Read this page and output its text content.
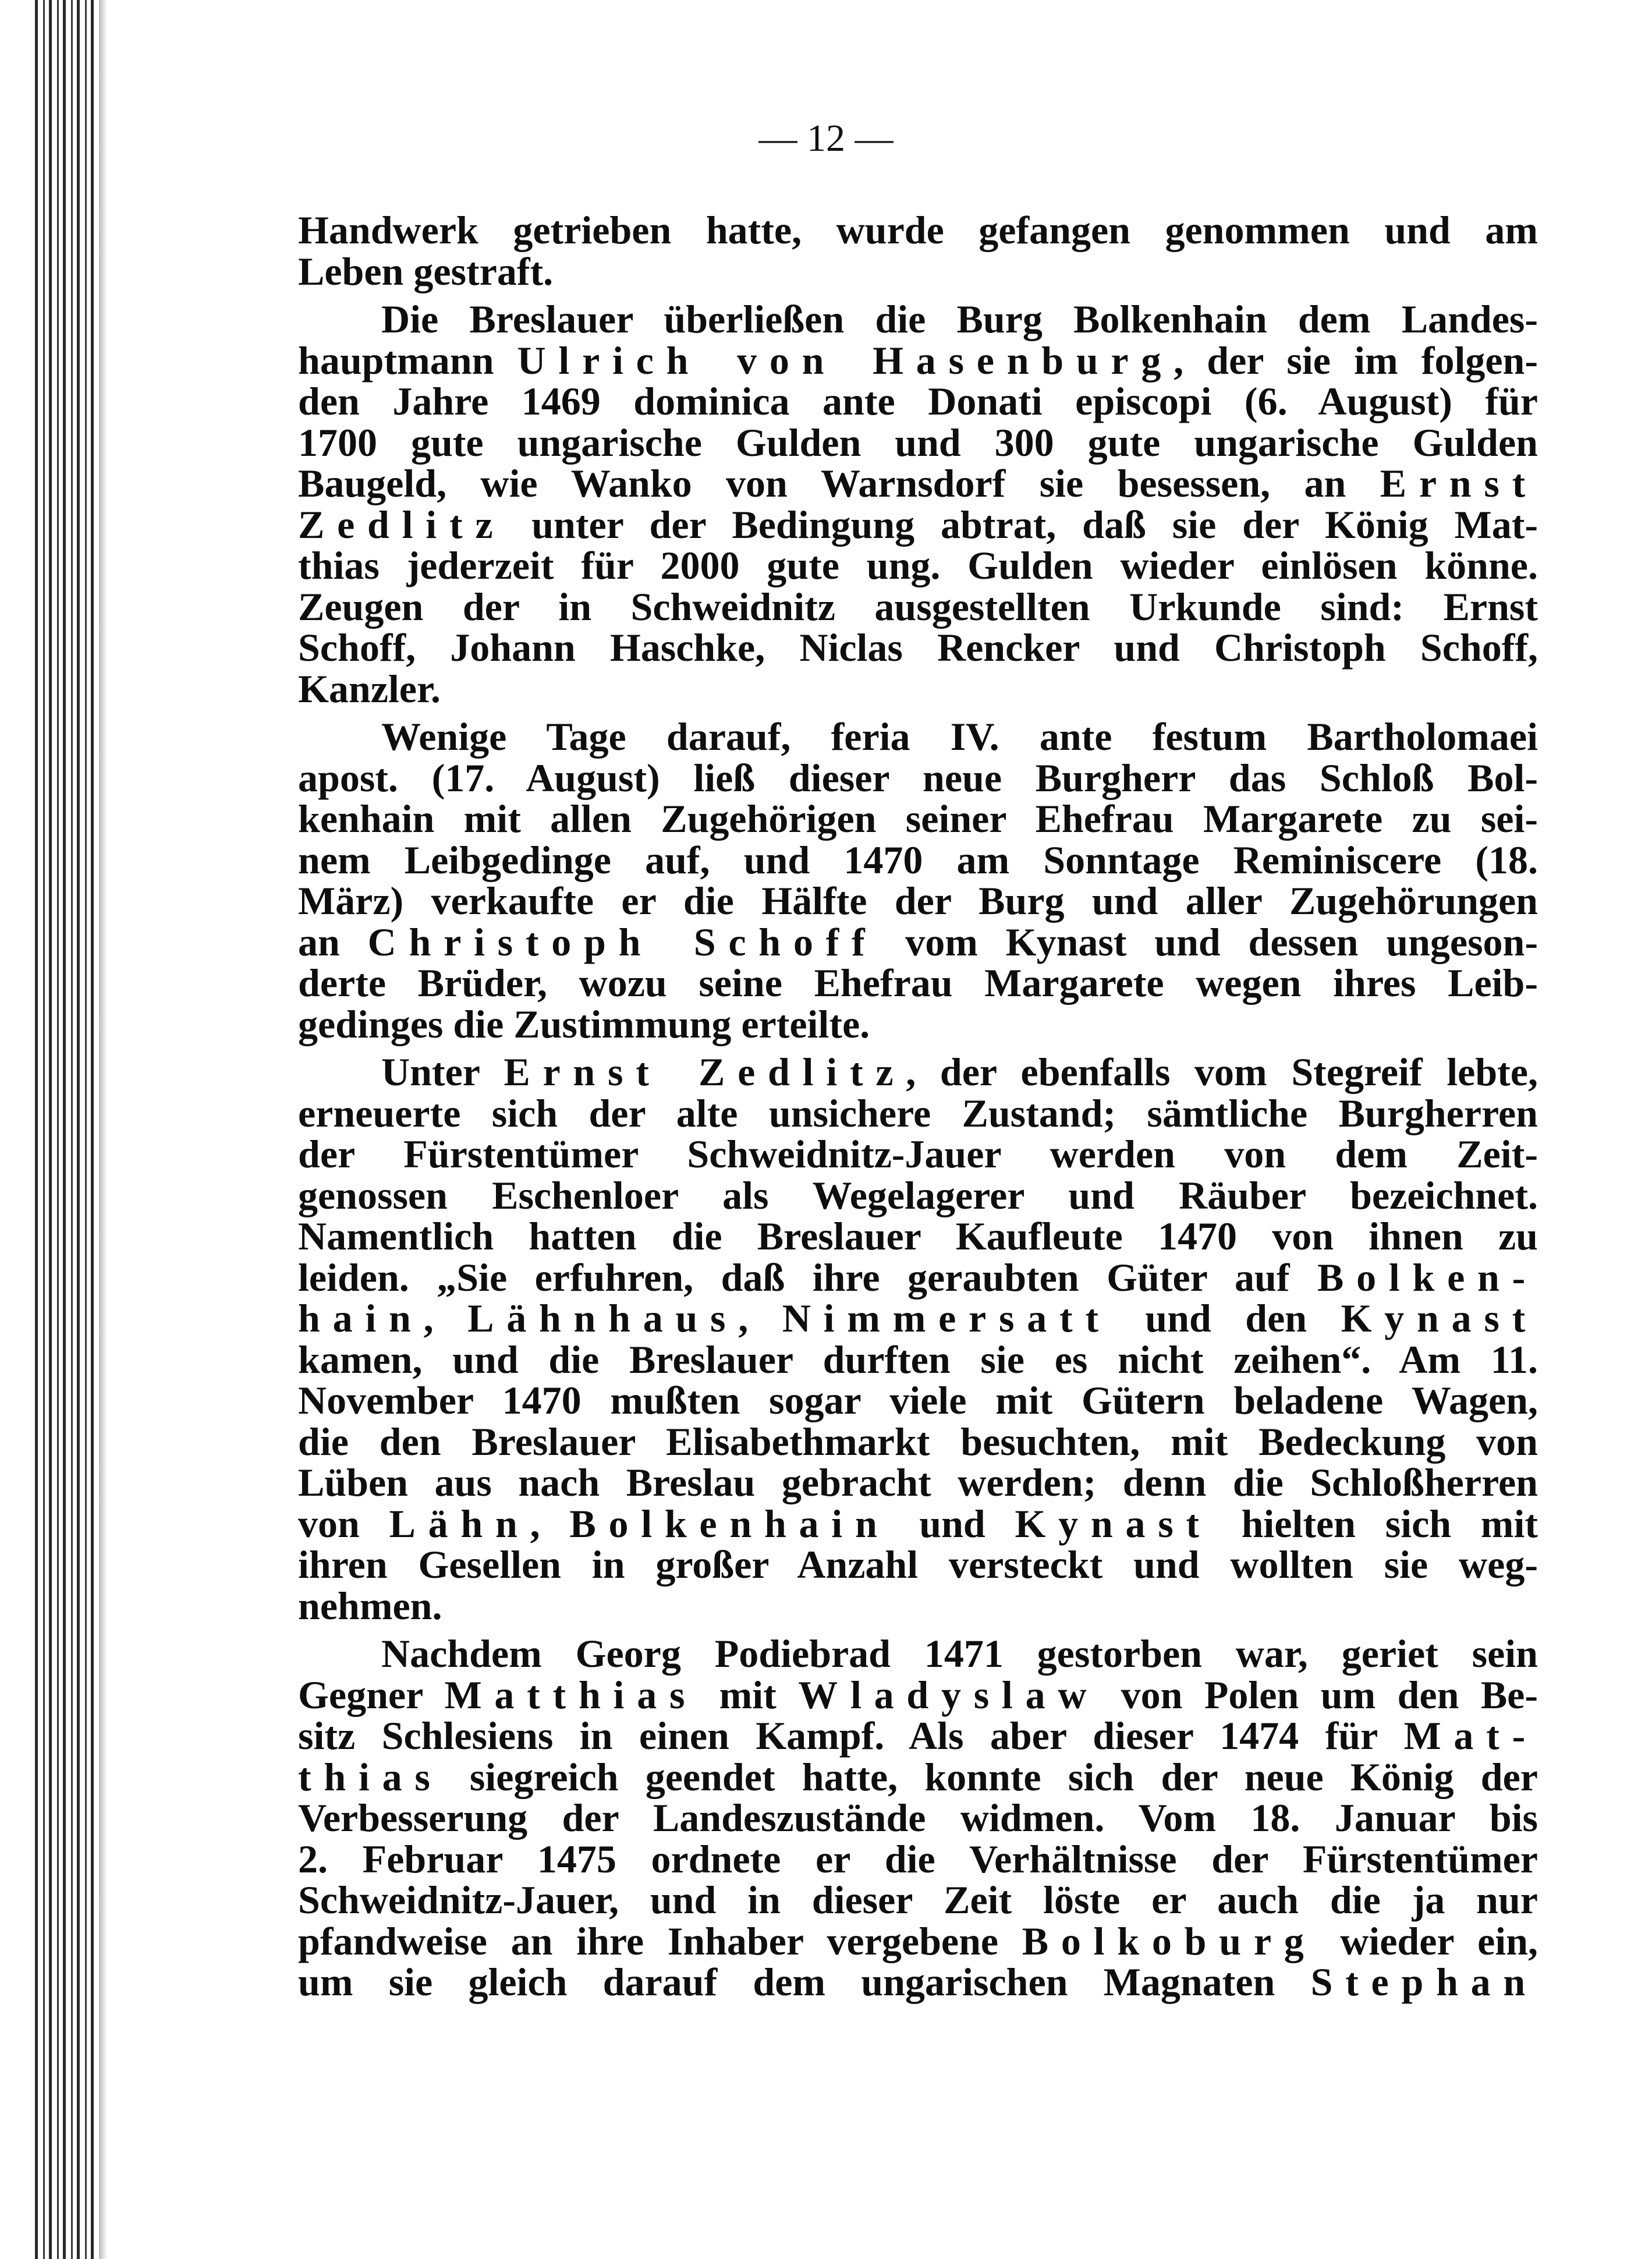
— 12 —
Handwerk getrieben hatte, wurde gefangen genommen und am
Leben gestraft.
Die Breslauer überließen die Burg Bolkenhain dem Landes-
hauptmann Ulrich von Hasenburg, der sie im folgen-
den Jahre 1469 dominica ante Donati episcopi (6. August) für
1700 gute ungarische Gulden und 300 gute ungarische Gulden
Baugeld, wie Wanko von Warnsdorf sie besessen, an Ernst
Zedlitz unter der Bedingung abtrat, daß sie der König Mat-
thias jederzeit für 2000 gute ung. Gulden wieder einlösen könne.
Zeugen der in Schweidnitz ausgestellten Urkunde sind: Ernst
Schoff, Johann Haschke, Niclas Rencker und Christoph Schoff,
Kanzler.
Wenige Tage darauf, feria IV. ante festum Bartholomaei
apost. (17. August) ließ dieser neue Burgherr das Schloß Bol-
kenhain mit allen Zugehörigen seiner Ehefrau Margarete zu sei-
nem Leibgedinge auf, und 1470 am Sonntage Reminiscere (18.
März) verkaufte er die Hälfte der Burg und aller Zugehörungen
an Christoph Schoff vom Kynast und dessen ungeson-
derte Brüder, wozu seine Ehefrau Margarete wegen ihres Leib-
gedinges die Zustimmung erteilte.
Unter Ernst Zedlitz, der ebenfalls vom Stegreif lebte,
erneuerte sich der alte unsichere Zustand; sämtliche Burgherren
der Fürstentümer Schweidnitz-Jauer werden von dem Zeit-
genossen Eschenloer als Wegelagerer und Räuber bezeichnet.
Namentlich hatten die Breslauer Kaufleute 1470 von ihnen zu
leiden. „Sie erfuhren, daß ihre geraubten Güter auf Bolken-
hain, Lähnhaus, Nimmersatt und den Kynast
kamen, und die Breslauer durften sie es nicht zeihen“. Am 11.
November 1470 mußten sogar viele mit Gütern beladene Wagen,
die den Breslauer Elisabethmarkt besuchten, mit Bedeckung von
Lüben aus nach Breslau gebracht werden; denn die Schloßherren
von Lähn, Bolkenhain und Kynast hielten sich mit
ihren Gesellen in großer Anzahl versteckt und wollten sie weg-
nehmen.
Nachdem Georg Podiebrad 1471 gestorben war, geriet sein
Gegner Matthias mit Wladyslaw von Polen um den Be-
sitz Schlesiens in einen Kampf. Als aber dieser 1474 für Mat-
thias siegreich geendet hatte, konnte sich der neue König der
Verbesserung der Landeszustände widmen. Vom 18. Januar bis
2. Februar 1475 ordnete er die Verhältnisse der Fürstentümer
Schweidnitz-Jauer, und in dieser Zeit löste er auch die ja nur
pfandweise an ihre Inhaber vergebene Bolkoburg wieder ein,
um sie gleich darauf dem ungarischen Magnaten Stephan
